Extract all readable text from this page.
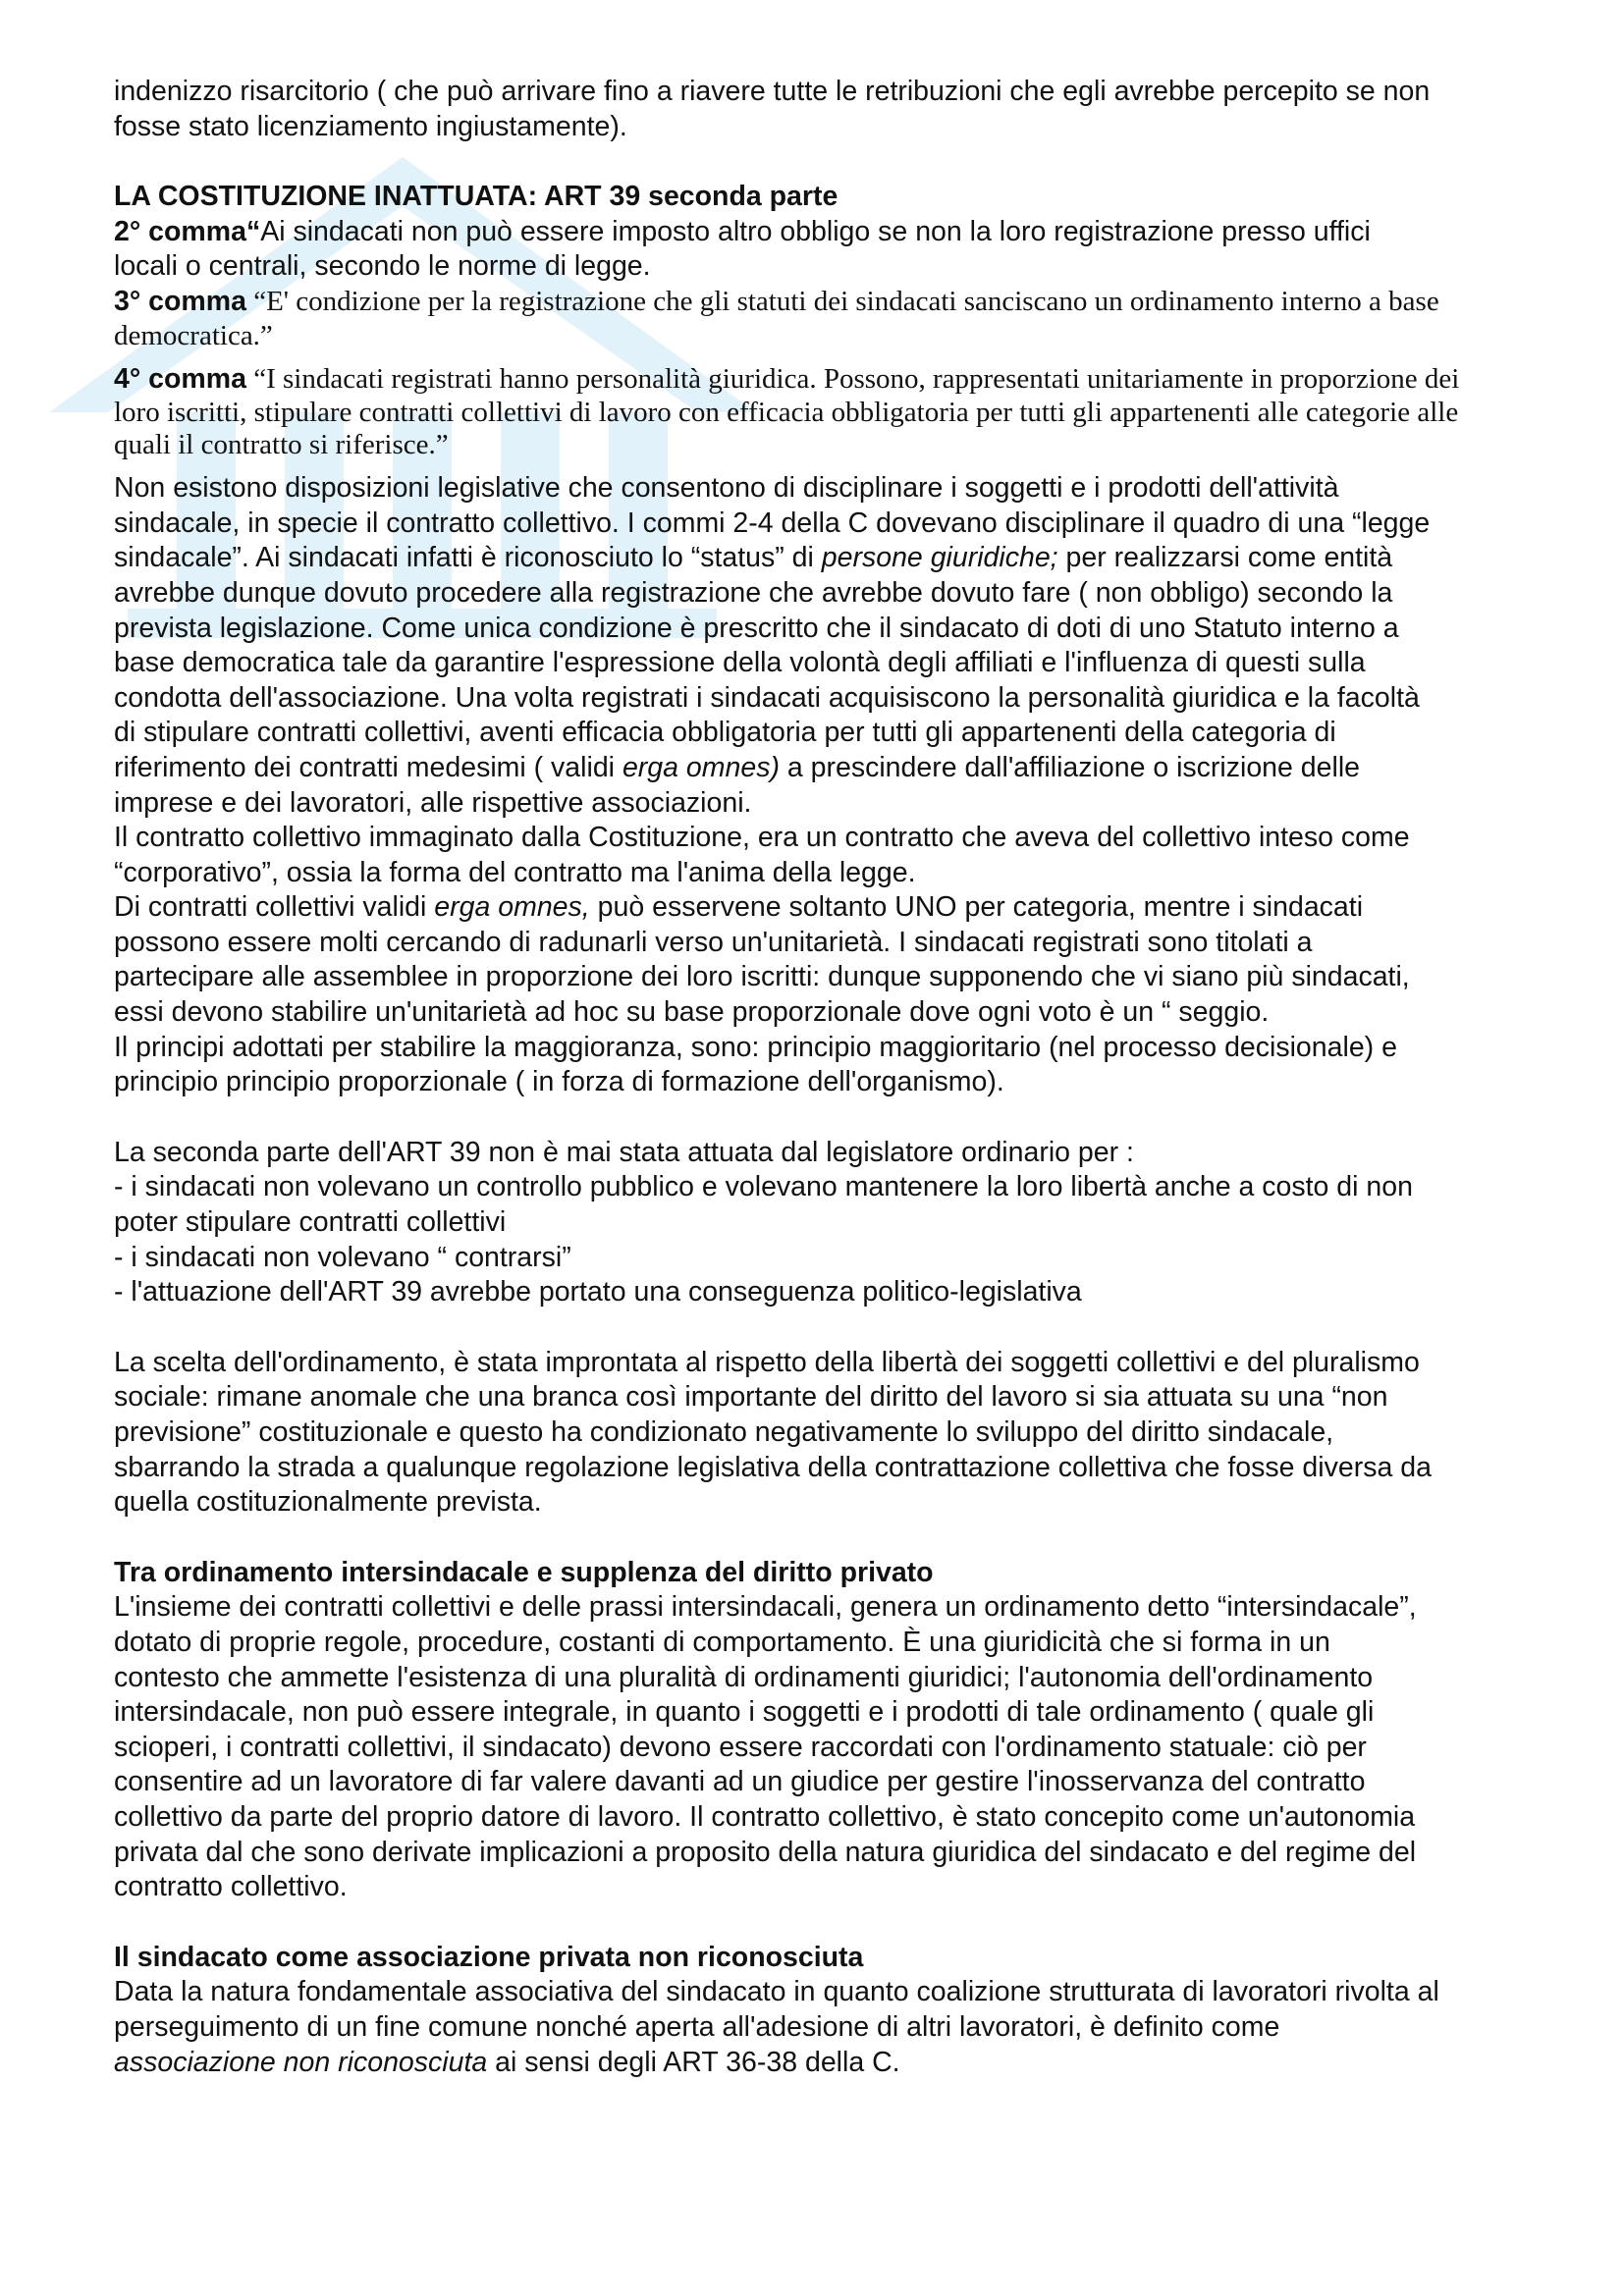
indenizzo risarcitorio ( che può arrivare fino a riavere tutte le retribuzioni che egli avrebbe percepito se non

fosse stato licenziamento ingiustamente).

LA COSTITUZIONE INATTUATA: ART 39 seconda parte

2° comma“Ai sindacati non può essere imposto altro obbligo se non la loro registrazione presso uffici

locali o centrali, secondo le norme di legge.

3° comma “E' condizione per la registrazione che gli statuti dei sindacati sanciscano un ordinamento interno a base

democratica.”

4° comma “I sindacati registrati hanno personalità giuridica. Possono, rappresentati unitariamente in proporzione dei

loro iscritti, stipulare contratti collettivi di lavoro con efficacia obbligatoria per tutti gli appartenenti alle categorie alle

quali il contratto si riferisce.”

Non esistono disposizioni legislative che consentono di disciplinare i soggetti e i prodotti dell'attività

sindacale, in specie il contratto collettivo. I commi 2-4 della C dovevano disciplinare il quadro di una “legge

sindacale”. Ai sindacati infatti è riconosciuto lo “status” di persone giuridiche; per realizzarsi come entità

avrebbe dunque dovuto procedere alla registrazione che avrebbe dovuto fare ( non obbligo) secondo la

prevista legislazione. Come unica condizione è prescritto che il sindacato di doti di uno Statuto interno a

base democratica tale da garantire l'espressione della volontà degli affiliati e l'influenza di questi sulla

condotta dell'associazione. Una volta registrati i sindacati acquisiscono la personalità giuridica e la facoltà

di stipulare contratti collettivi, aventi efficacia obbligatoria per tutti gli appartenenti della categoria di

riferimento dei contratti medesimi ( validi erga omnes) a prescindere dall'affiliazione o iscrizione delle

imprese e dei lavoratori, alle rispettive associazioni.

Il contratto collettivo immaginato dalla Costituzione, era un contratto che aveva del collettivo inteso come

“corporativo”, ossia la forma del contratto ma l'anima della legge.

Di contratti collettivi validi erga omnes, può esservene soltanto UNO per categoria, mentre i sindacati

possono essere molti cercando di radunarli verso un'unitarietà. I sindacati registrati sono titolati a

partecipare alle assemblee in proporzione dei loro iscritti: dunque supponendo che vi siano più sindacati,

essi devono stabilire un'unitarietà ad hoc su base proporzionale dove ogni voto è un “ seggio.

Il principi adottati per stabilire la maggioranza, sono: principio maggioritario (nel processo decisionale) e

principio principio proporzionale ( in forza di formazione dell'organismo).

La seconda parte dell'ART 39 non è mai stata attuata dal legislatore ordinario per :

- i sindacati non volevano un controllo pubblico e volevano mantenere la loro libertà anche a costo di non

poter stipulare contratti collettivi

- i sindacati non volevano “ contrarsi”

- l'attuazione dell'ART 39 avrebbe portato una conseguenza politico-legislativa

La scelta dell'ordinamento, è stata improntata al rispetto della libertà dei soggetti collettivi e del pluralismo

sociale: rimane anomale che una branca così importante del diritto del lavoro si sia attuata su una “non

previsione” costituzionale e questo ha condizionato negativamente lo sviluppo del diritto sindacale,

sbarrando la strada a qualunque regolazione legislativa della contrattazione collettiva che fosse diversa da

quella costituzionalmente prevista.

Tra ordinamento intersindacale e supplenza del diritto privato

L'insieme dei contratti collettivi e delle prassi intersindacali, genera un ordinamento detto “intersindacale”,

dotato di proprie regole, procedure, costanti di comportamento. È una giuridicità che si forma in un

contesto che ammette l'esistenza di una pluralità di ordinamenti giuridici; l'autonomia dell'ordinamento

intersindacale, non può essere integrale, in quanto i soggetti e i prodotti di tale ordinamento ( quale gli

scioperi, i contratti collettivi, il sindacato) devono essere raccordati con l'ordinamento statuale: ciò per

consentire ad un lavoratore di far valere davanti ad un giudice per gestire l'inosservanza del contratto

collettivo da parte del proprio datore di lavoro. Il contratto collettivo, è stato concepito come un'autonomia

privata dal che sono derivate implicazioni a proposito della natura giuridica del sindacato e del regime del

contratto collettivo.

Il sindacato come associazione privata non riconosciuta

Data la natura fondamentale associativa del sindacato in quanto coalizione strutturata di lavoratori rivolta al

perseguimento di un fine comune nonché aperta all'adesione di altri lavoratori, è definito come

associazione non riconosciuta ai sensi degli ART 36-38 della C.
